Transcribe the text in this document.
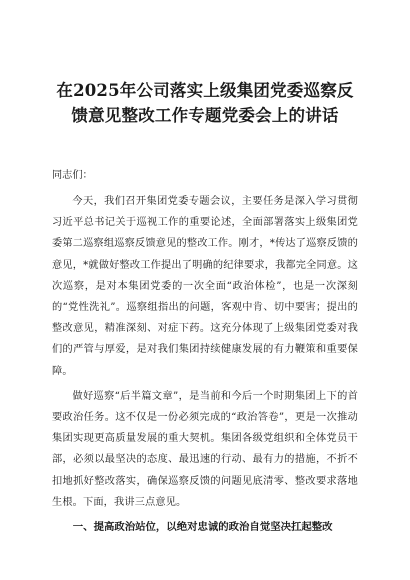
在2025年公司落实上级集团党委巡察反
馈意见整改工作专题党委会上的讲话
同志们：

今天，我们召开集团党委专题会议，主要任务是深入学习贯彻习近平总书记关于巡视工作的重要论述，全面部署落实上级集团党委第二巡察组巡察反馈意见的整改工作。刚才，*传达了巡察反馈的意见，*就做好整改工作提出了明确的纪律要求，我都完全同意。这次巡察，是对本集团党委的一次全面“政治体检”，也是一次深刻的“党性洗礼”。巡察组指出的问题，客观中肯、切中要害；提出的整改意见，精准深刻、对症下药。这充分体现了上级集团党委对我们的严管与厚爱，是对我们集团持续健康发展的有力鞭策和重要保障。

做好巡察“后半篇文章”，是当前和今后一个时期集团上下的首要政治任务。这不仅是一份必须完成的“政治答卷”，更是一次推动集团实现更高质量发展的重大契机。集团各级党组织和全体党员干部，必须以最坚决的态度、最迅速的行动、最有力的措施，不折不扣地抓好整改落实，确保巡察反馈的问题见底清零、整改要求落地生根。下面，我讲三点意见。

一、提高政治站位，以绝对忠诚的政治自觉坚决扛起整改
